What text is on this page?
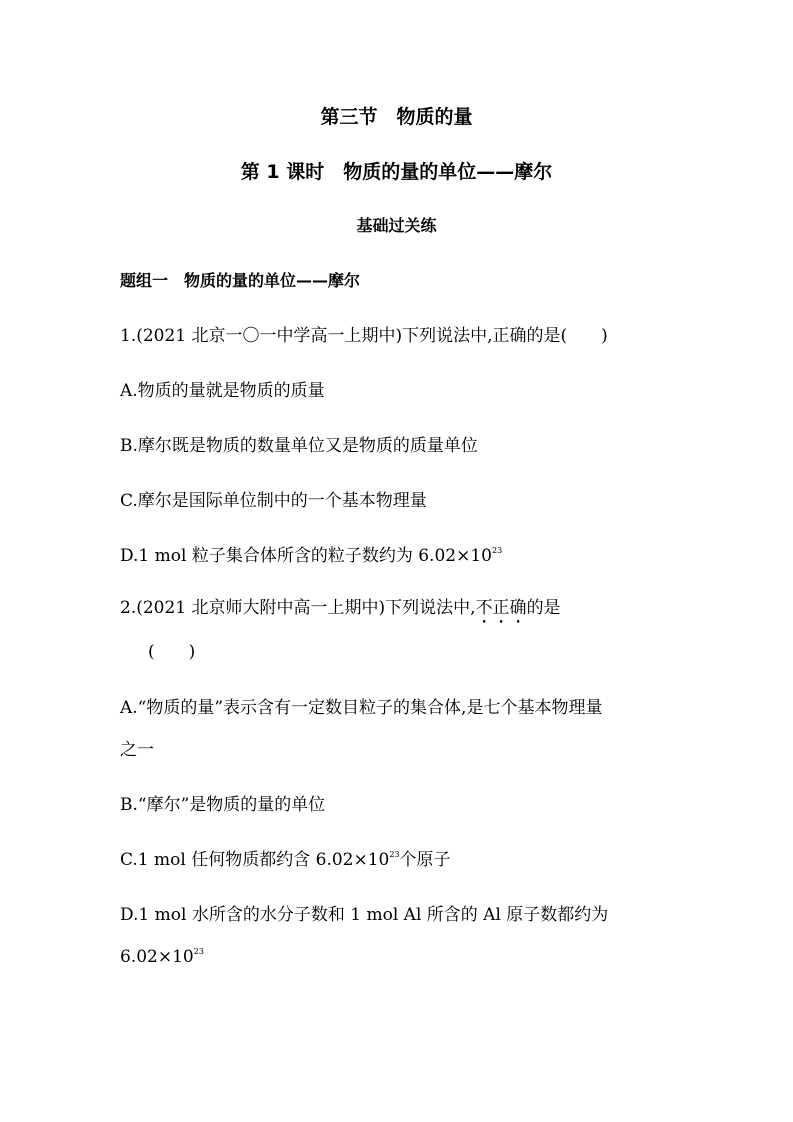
第三节　物质的量
第 1 课时　物质的量的单位——摩尔
基础过关练
题组一　物质的量的单位——摩尔
1.(2021 北京一〇一中学高一上期中)下列说法中,正确的是(　　)
A.物质的量就是物质的质量
B.摩尔既是物质的数量单位又是物质的质量单位
C.摩尔是国际单位制中的一个基本物理量
D.1 mol 粒子集合体所含的粒子数约为 $6.02\times 10^{23}$
2.(2021 北京师大附中高一上期中)下列说法中,不正确的是
(　　)
A.“物质的量”表示含有一定数目粒子的集合体,是七个基本物理量
之一
B.“摩尔”是物质的量的单位
C.1 mol 任何物质都约含 $6.02\times 10^{23}$个原子
D.1 mol 水所含的水分子数和 1 mol Al 所含的 Al 原子数都约为
$6.02\times 10^{23}$
